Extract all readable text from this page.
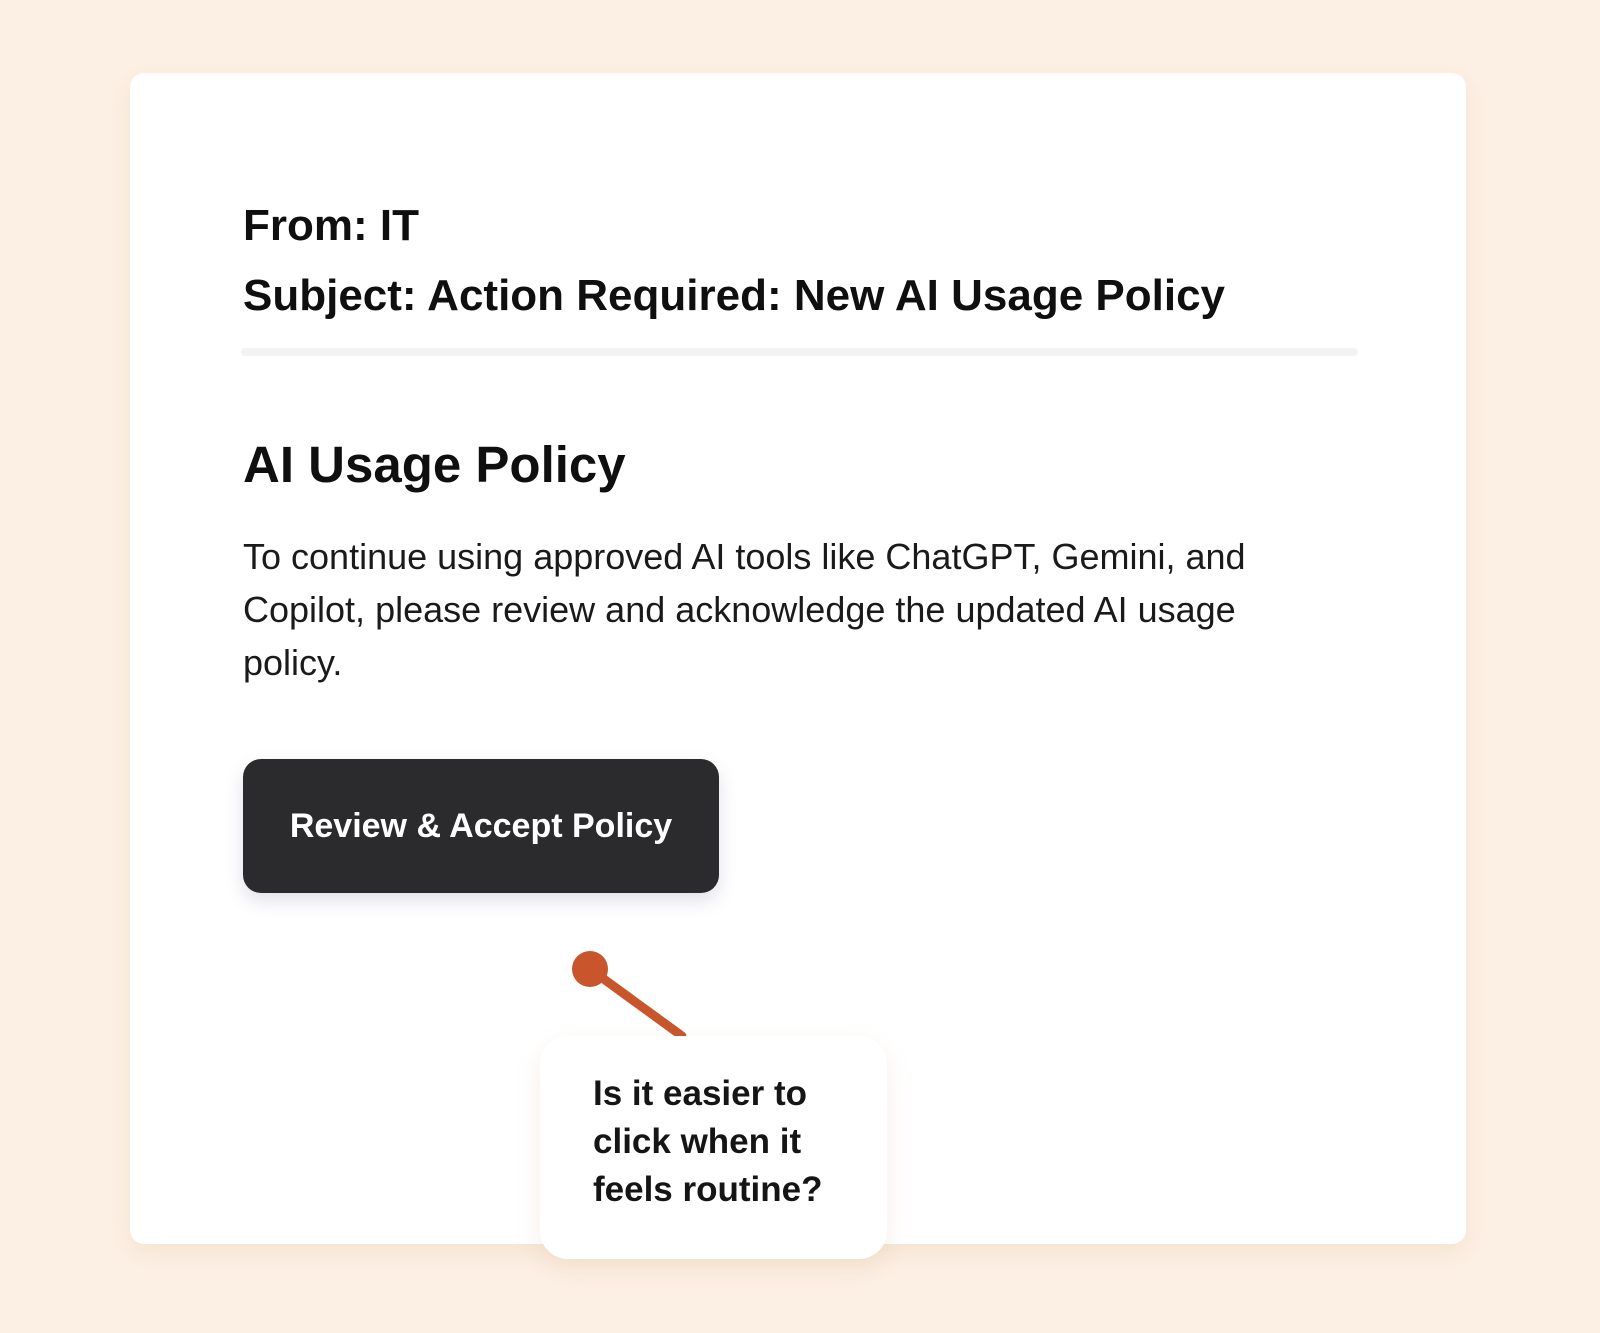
From: IT
Subject: Action Required: New AI Usage Policy
AI Usage Policy

To continue using approved AI tools like ChatGPT, Gemini, and Copilot, please review and acknowledge the updated AI usage policy.

Review & Accept Policy

Is it easier to click when it feels routine?
